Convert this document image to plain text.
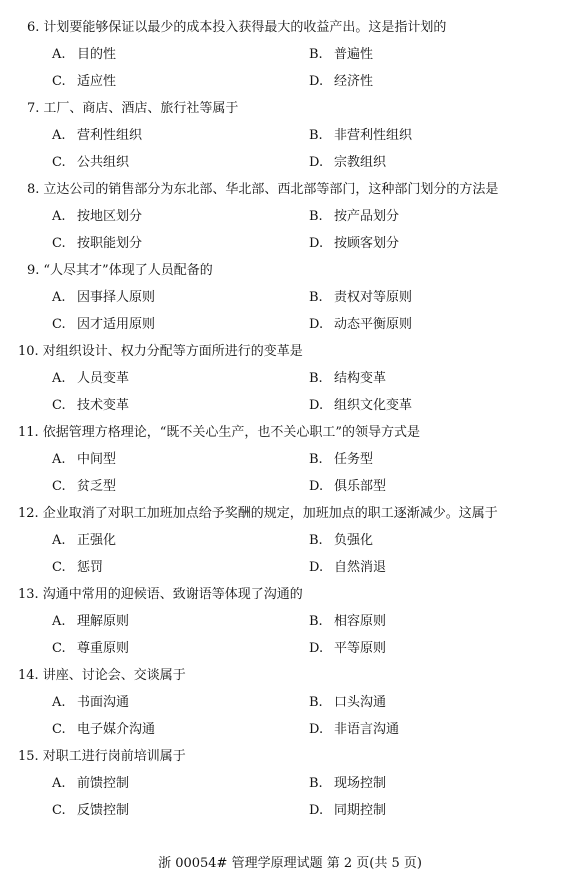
6. 计划要能够保证以最少的成本投入获得最大的收益产出。这是指计划的
A. 目的性	B. 普遍性
C. 适应性	D. 经济性
7. 工厂、商店、酒店、旅行社等属于
A. 营利性组织	B. 非营利性组织
C. 公共组织	D. 宗教组织
8. 立达公司的销售部分为东北部、华北部、西北部等部门，这种部门划分的方法是
A. 按地区划分	B. 按产品划分
C. 按职能划分	D. 按顾客划分
9. “人尽其才”体现了人员配备的
A. 因事择人原则	B. 责权对等原则
C. 因才适用原则	D. 动态平衡原则
10. 对组织设计、权力分配等方面所进行的变革是
A. 人员变革	B. 结构变革
C. 技术变革	D. 组织文化变革
11. 依据管理方格理论，“既不关心生产，也不关心职工”的领导方式是
A. 中间型	B. 任务型
C. 贫乏型	D. 俱乐部型
12. 企业取消了对职工加班加点给予奖酬的规定，加班加点的职工逐渐减少。这属于
A. 正强化	B. 负强化
C. 惩罚	D. 自然消退
13. 沟通中常用的迎候语、致谢语等体现了沟通的
A. 理解原则	B. 相容原则
C. 尊重原则	D. 平等原则
14. 讲座、讨论会、交谈属于
A. 书面沟通	B. 口头沟通
C. 电子媒介沟通	D. 非语言沟通
15. 对职工进行岗前培训属于
A. 前馈控制	B. 现场控制
C. 反馈控制	D. 同期控制
浙 00054# 管理学原理试题 第 2 页(共 5 页)
